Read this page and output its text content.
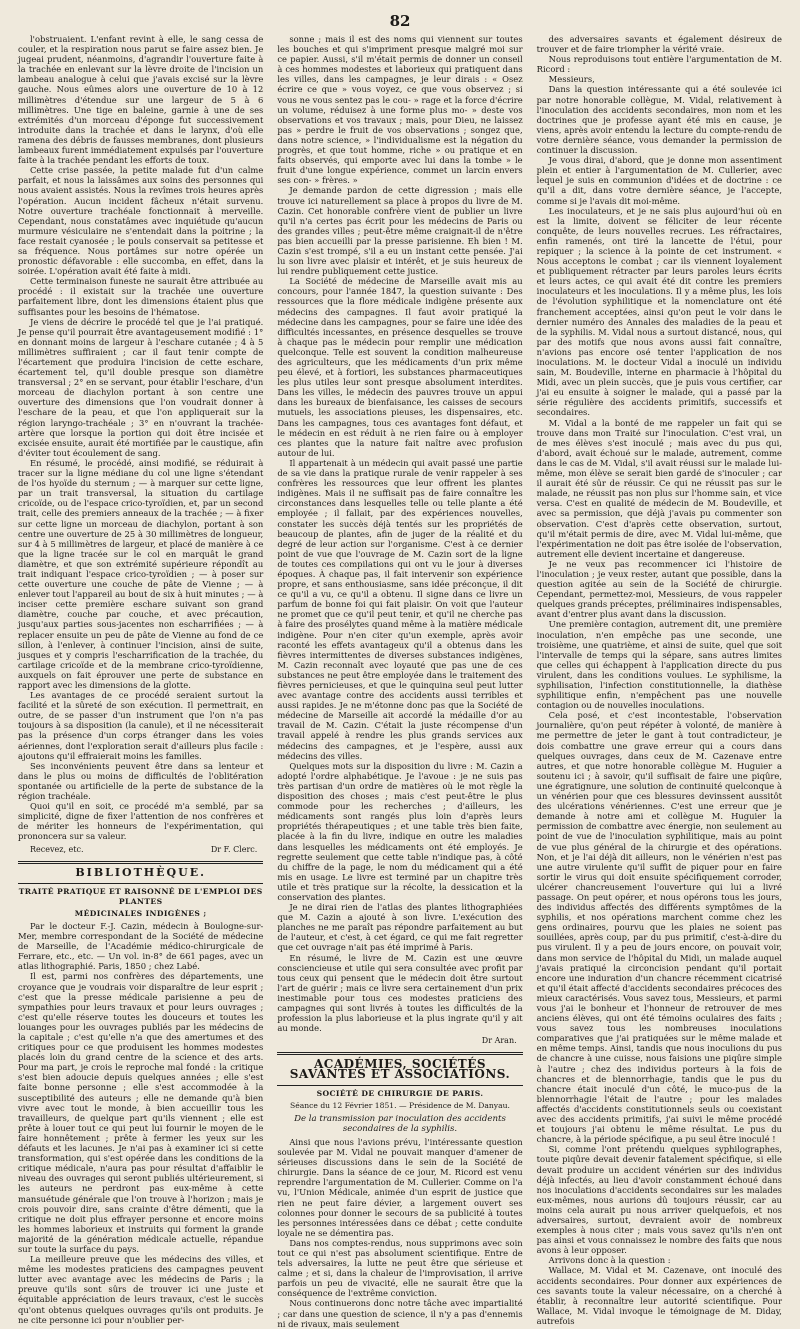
82

l'obstruaient. L'enfant revint à elle, le sang cessa de couler, et la respiration nous parut se faire assez bien. Je jugeai prudent, néanmoins, d'agrandir l'ouverture faite à la trachée en enlevant sur la lèvre droite de l'incision un lambeau analogue à celui que j'avais excisé sur la lèvre gauche. Nous eûmes alors une ouverture de 10 à 12 millimètres d'étendue sur une largeur de 5 à 6 millimètres. Une tige en baleine, garnie à une de ses extrémités d'un morceau d'éponge fut successivement introduite dans la trachée et dans le larynx, d'où elle ramena des débris de fausses membranes, dont plusieurs lambeaux furent immédiatement expulsés par l'ouverture faite à la trachée pendant les efforts de toux.

Cette crise passée, la petite malade fut d'un calme parfait, et nous la laissâmes aux soins des personnes qui nous avaient assistés. Nous la revîmes trois heures après l'opération. Aucun incident fâcheux n'était survenu. Notre ouverture trachéale fonctionnait à merveille. Cependant, nous constatâmes avec inquiétude qu'aucun murmure vésiculaire ne s'entendait dans la poitrine ; la face restait cyanosée ; le pouls conservait sa petitesse et sa fréquence. Nous portâmes sur notre opérée un pronostic défavorable : elle succomba, en effet, dans la soirée. L'opération avait été faite à midi.

Cette terminaison funeste ne saurait être attribuée au procédé : il existait sur la trachée une ouverture parfaitement libre, dont les dimensions étaient plus que suffisantes pour les besoins de l'hématose.

Je viens de décrire le procédé tel que je l'ai pratiqué. Je pense qu'il pourrait être avantageusement modifié : 1° en donnant moins de largeur à l'eschare cutanée ; 4 à 5 millimètres suffiraient ; car il faut tenir compte de l'écartement que produira l'incision de cette eschare, écartement tel, qu'il double presque son diamètre transversal ; 2° en se servant, pour établir l'eschare, d'un morceau de diachylon portant à son centre une ouverture des dimensions que l'on voudrait donner à l'eschare de la peau, et que l'on appliquerait sur la région laryngo-trachéale ; 3° en n'ouvrant la trachée-artère que lorsque la portion qui doit être incisée et excisée ensuite, aurait été mortifiée par le caustique, afin d'éviter tout écoulement de sang.

En résumé, le procédé, ainsi modifié, se réduirait à tracer sur la ligne médiane du col une ligne s'étendant de l'os hyoïde du sternum ; — à marquer sur cette ligne, par un trait transversal, la situation du cartilage cricoïde, ou de l'espace crico-tyroïdien, et, par un second trait, celle des premiers anneaux de la trachée ; — à fixer sur cette ligne un morceau de diachylon, portant à son centre une ouverture de 25 à 30 millimètres de longueur, sur 4 à 5 millimètres de largeur, et placé de manière à ce que la ligne tracée sur le col en marquât le grand diamètre, et que son extrémité supérieure répondît au trait indiquant l'espace crico-tyroïdien ; — à poser sur cette ouverture une couche de pâte de Vienne ; — à enlever tout l'appareil au bout de six à huit minutes ; — à inciser cette première eschare suivant son grand diamètre, couche par couche, et avec précaution, jusqu'aux parties sous-jacentes non escharrifiées ; — à replacer ensuite un peu de pâte de Vienne au fond de ce sillon, à l'enlever, à continuer l'incision, ainsi de suite, jusques et y compris l'escharrification de la trachée, du cartilage cricoïde et de la membrane crico-tyroïdienne, auxquels on fait éprouver une perte de substance en rapport avec les dimensions de la glotte.

Les avantages de ce procédé seraient surtout la facilité et la sûreté de son exécution. Il permettrait, en outre, de se passer d'un instrument que l'on n'a pas toujours à sa disposition (la canule), et il ne nécessiterait pas la présence d'un corps étranger dans les voies aériennes, dont l'exploration serait d'ailleurs plus facile : ajoutons qu'il effraierait moins les familles.

Ses inconvénients peuvent être dans sa lenteur et dans le plus ou moins de difficultés de l'oblitération spontanée ou artificielle de la perte de substance de la région trachéale.

Quoi qu'il en soit, ce procédé m'a semblé, par sa simplicité, digne de fixer l'attention de nos confrères et de mériter les honneurs de l'expérimentation, qui prononcera sur sa valeur.

Recevez, etc.	Dr F. Clerc.
BIBLIOTHÈQUE.
TRAITÉ PRATIQUE ET RAISONNÉ DE L'EMPLOI DES PLANTES
MÉDICINALES INDIGÈNES ;

Par le docteur F.-J. Cazin, médecin à Boulogne-sur-Mer, membre correspondant de la Société de médecine de Marseille, de l'Académie médico-chirurgicale de Ferrare, etc., etc. — Un vol. in-8° de 661 pages, avec un atlas lithographié. Paris, 1850 ; chez Labé.

Il est, parmi nos confrères des départements, une croyance que je voudrais voir disparaître de leur esprit ; c'est que la presse médicale parisienne a peu de sympathies pour leurs travaux et pour leurs ouvrages ; c'est qu'elle réserve toutes les douceurs et toutes les louanges pour les ouvrages publiés par les médecins de la capitale ; c'est qu'elle n'a que des amertumes et des critiques pour ce que produisent les hommes modestes placés loin du grand centre de la science et des arts. Pour ma part, je crois le reproche mal fondé : la critique s'est bien adoucie depuis quelques années ; elle s'est faite bonne personne ; elle s'est accommodée à la susceptibilité des auteurs ; elle ne demande qu'à bien vivre avec tout le monde, à bien accueillir tous les travailleurs, de quelque part qu'ils viennent ; elle est prête à louer tout ce qui peut lui fournir le moyen de le faire honnêtement ; prête à fermer les yeux sur les défauts et les lacunes. Je n'ai pas à examiner ici si cette transformation, qui s'est opérée dans les conditions de la critique médicale, n'aura pas pour résultat d'affaiblir le niveau des ouvrages qui seront publiés ultérieurement, si les auteurs ne perdront pas eux-même à cette mansuétude générale que l'on trouve à l'horizon ; mais je crois pouvoir dire, sans crainte d'être démenti, que la critique ne doit plus effrayer personne et encore moins les hommes laborieux et instruits qui forment la grande majorité de la génération médicale actuelle, répandue sur toute la surface du pays.

La meilleure preuve que les médecins des villes, et même les modestes praticiens des campagnes peuvent lutter avec avantage avec les médecins de Paris ; la preuve qu'ils sont sûrs de trouver ici une juste et équitable appréciation de leurs travaux, c'est le succès qu'ont obtenus quelques ouvrages qu'ils ont produits. Je ne cite personne ici pour n'oublier per-

sonne ; mais il est des noms qui viennent sur toutes les bouches et qui s'impriment presque malgré moi sur ce papier. Aussi, s'il m'était permis de donner un conseil à ces hommes modestes et laborieux qui pratiquent dans les villes, dans les campagnes, je leur dirais : « Osez écrire ce que » vous voyez, ce que vous observez ; si vous ne vous sentez pas le cou- » rage et la force d'écrire un volume, réduisez à une forme plus mo- » deste vos observations et vos travaux ; mais, pour Dieu, ne laissez pas » perdre le fruit de vos observations ; songez que, dans notre science, » l'individualisme est la négation du progrès, et que tout homme, riche » ou pratique et en faits observés, qui emporte avec lui dans la tombe » le fruit d'une longue expérience, commet un larcin envers ses con- » frères. »

Je demande pardon de cette digression ; mais elle trouve ici naturellement sa place à propos du livre de M. Cazin. Cet honorable confrère vient de publier un livre qu'il n'a certes pas écrit pour les médecins de Paris ou des grandes villes ; peut-être même craignait-il de n'être pas bien accueilli par la presse parisienne. Eh bien ! M. Cazin s'est trompé, s'il a eu un instant cette pensée. J'ai lu son livre avec plaisir et intérêt, et je suis heureux de lui rendre publiquement cette justice.

La Société de médecine de Marseille avait mis au concours, pour l'année 1847, la question suivante : Des ressources que la flore médicale indigène présente aux médecins des campagnes. Il faut avoir pratiqué la médecine dans les campagnes, pour se faire une idée des difficultés incessantes, en présence desquelles se trouve à chaque pas le médecin pour remplir une médication quelconque. Telle est souvent la condition malheureuse des agriculteurs, que les médicaments d'un prix même peu élevé, et à fortiori, les substances pharmaceutiques les plus utiles leur sont presque absolument interdites. Dans les villes, le médecin des pauvres trouve un appui dans les bureaux de bienfaisance, les caisses de secours mutuels, les associations pieuses, les dispensaires, etc. Dans les campagnes, tous ces avantages font défaut, et le médecin en est réduit à ne rien faire ou à employer ces plantes que la nature fait naître avec profusion autour de lui.

Il appartenait à un médecin qui avait passé une partie de sa vie dans la pratique rurale de venir rappeler à ses confrères les ressources que leur offrent les plantes indigènes. Mais il ne suffisait pas de faire connaître les circonstances dans lesquelles telle ou telle plante a été employée ; il fallait, par des expériences nouvelles, constater les succès déjà tentés sur les propriétés de beaucoup de plantes, afin de juger de la réalité et du degré de leur action sur l'organisme. C'est à ce dernier point de vue que l'ouvrage de M. Cazin sort de la ligne de toutes ces compilations qui ont vu le jour à diverses époques. À chaque pas, il fait intervenir son expérience propre, et sans enthousiasme, sans idée préconçue, il dit ce qu'il a vu, ce qu'il a obtenu. Il signe dans ce livre un parfum de bonne foi qui fait plaisir. On voit que l'auteur ne promet que ce qu'il peut tenir, et qu'il ne cherche pas à faire des prosélytes quand même à la matière médicale indigène. Pour n'en citer qu'un exemple, après avoir raconté les effets avantageux qu'il a obtenus dans les fièvres intermittentes de diverses substances indigènes, M. Cazin reconnaît avec loyauté que pas une de ces substances ne peut être employée dans le traitement des fièvres pernicieuses, et que le quinquina seul peut lutter avec avantage contre des accidents aussi terribles et aussi rapides. Je ne m'étonne donc pas que la Société de médecine de Marseille ait accordé la médaille d'or au travail de M. Cazin. C'était la juste récompense d'un travail appelé à rendre les plus grands services aux médecins des campagnes, et je l'espère, aussi aux médecins des villes.

Quelques mots sur la disposition du livre : M. Cazin a adopté l'ordre alphabétique. Je l'avoue : je ne suis pas très partisan d'un ordre de matières où le mot règle la disposition des choses ; mais c'est peut-être le plus commode pour les recherches ; d'ailleurs, les médicaments sont rangés plus loin d'après leurs propriétés thérapeutiques ; et une table très bien faite, placée à la fin du livre, indique en outre les maladies dans lesquelles les médicaments ont été employés. Je regrette seulement que cette table n'indique pas, à côté du chiffre de la page, le nom du médicament qui a été mis en usage. Le livre est terminé par un chapitre très utile et très pratique sur la récolte, la dessication et la conservation des plantes.

Je ne dirai rien de l'atlas des plantes lithographiées que M. Cazin a ajouté à son livre. L'exécution des planches ne me paraît pas répondre parfaitement au but de l'auteur, et c'est, à cet égard, ce qui me fait regretter que cet ouvrage n'ait pas été imprimé à Paris.

En résumé, le livre de M. Cazin est une œuvre consciencieuse et utile qui sera consultée avec profit par tous ceux qui pensent que le médecin doit être surtout l'art de guérir ; mais ce livre sera certainement d'un prix inestimable pour tous ces modestes praticiens des campagnes qui sont livrés à toutes les difficultés de la profession la plus laborieuse et la plus ingrate qu'il y ait au monde.

Dr Aran.
ACADÉMIES, SOCIÉTÉS SAVANTES ET ASSOCIATIONS.
SOCIÉTÉ DE CHIRURGIE DE PARIS.
Séance du 12 Février 1851. — Présidence de M. Danyau.
De la transmission par inoculation des accidents secondaires de la syphilis.

Ainsi que nous l'avions prévu, l'intéressante question soulevée par M. Vidal ne pouvait manquer d'amener de sérieuses discussions dans le sein de la Société de chirurgie. Dans la séance de ce jour, M. Ricord est venu reprendre l'argumentation de M. Cullerier. Comme on l'a vu, l'Union Médicale, animée d'un esprit de justice que rien ne peut faire dévier, a largement ouvert ses colonnes pour donner le secours de sa publicité à toutes les personnes intéressées dans ce débat ; cette conduite loyale ne se démentira pas.

Dans nos comptes-rendus, nous supprimons avec soin tout ce qui n'est pas absolument scientifique. Entre de tels adversaires, la lutte ne peut être que sérieuse et calme ; et si, dans la chaleur de l'improvisation, il arrive parfois un peu de vivacité, elle ne saurait être que la conséquence de l'extrême conviction.

Nous continuerons donc notre tâche avec impartialité ; car dans une question de science, il n'y a pas d'ennemis ni de rivaux, mais seulement

des adversaires savants et également désireux de trouver et de faire triompher la vérité vraie.

Nous reproduisons tout entière l'argumentation de M. Ricord :

Messieurs,

Dans la question intéressante qui a été soulevée ici par notre honorable collègue, M. Vidal, relativement à l'inoculation des accidents secondaires, mon nom et les doctrines que je professe ayant été mis en cause, je viens, après avoir entendu la lecture du compte-rendu de votre dernière séance, vous demander la permission de continuer la discussion.

Je vous dirai, d'abord, que je donne mon assentiment plein et entier à l'argumentation de M. Cullerier, avec lequel je suis en communion d'idées et de doctrine : ce qu'il a dit, dans votre dernière séance, je l'accepte, comme si je l'avais dit moi-même.

Les inoculateurs, et je ne sais plus aujourd'hui où en est la limite, doivent se féliciter de leur récente conquête, de leurs nouvelles recrues. Les réfractaires, enfin ramenés, ont tiré la lancette de l'étui, pour repiquer ; la science à la pointe de cet instrument. « Nous acceptons le combat ; car ils viennent loyalement et publiquement rétracter par leurs paroles leurs écrits et leurs actes, ce qui avait été dit contre les premiers inoculateurs et les inoculations. Il y a même plus, les lois de l'évolution syphilitique et la nomenclature ont été franchement acceptées, ainsi qu'on peut le voir dans le dernier numéro des Annales des maladies de la peau et de la syphilis. M. Vidal nous a surtout distancé, nous, qui par des motifs que nous avons aussi fait connaître, n'avions pas encore osé tenter l'application de nos inoculations. M. le docteur Vidal a inoculé un individu sain, M. Boudeville, interne en pharmacie à l'hôpital du Midi, avec un plein succès, que je puis vous certifier, car j'ai eu ensuite à soigner le malade, qui a passé par la série régulière des accidents primitifs, successifs et secondaires.

M. Vidal a la bonté de me rappeler un fait qui se trouve dans mon Traité sur l'inoculation. C'est vrai, un de mes élèves s'est inoculé ; mais avec du pus qui, d'abord, avait échoué sur le malade, autrement, comme dans le cas de M. Vidal, s'il avait réussi sur le malade lui-même, mon élève se serait bien gardé de s'inoculer ; car il aurait été sûr de réussir. Ce qui ne réussit pas sur le malade, ne réussit pas non plus sur l'homme sain, et vice versa. C'est en qualité de médecin de M. Boudeville, et avec sa permission, que déjà j'avais pu commenter son observation. C'est d'après cette observation, surtout, qu'il m'était permis de dire, avec M. Vidal lui-même, que l'expérimentation ne doit pas être isolée de l'observation, autrement elle devient incertaine et dangereuse.

Je ne veux pas recommencer ici l'histoire de l'inoculation ; je veux rester, autant que possible, dans la question agitée au sein de la Société de chirurgie. Cependant, permettez-moi, Messieurs, de vous rappeler quelques grands préceptes, préliminaires indispensables, avant d'entrer plus avant dans la discussion.

Une première contagion, autrement dit, une première inoculation, n'en empêche pas une seconde, une troisième, une quatrième, et ainsi de suite, quel que soit l'intervalle de temps qui la sépare, sans autres limites que celles qui échappent à l'application directe du pus virulent, dans les conditions voulues. Le syphilisme, la syphilisation, l'infection constitutionnelle, la diathèse syphilitique enfin, n'empêchent pas une nouvelle contagion ou de nouvelles inoculations.

Cela posé, et c'est incontestable, l'observation journalière, qu'on peut répéter à volonté, de manière à me permettre de jeter le gant à tout contradicteur, je dois combattre une grave erreur qui a cours dans quelques ouvrages, dans ceux de M. Cazenave entre autres, et que notre honorable collègue M. Huguier a soutenu ici ; à savoir, qu'il suffisait de faire une piqûre, une égratignure, une solution de continuité quelconque à un vénérien pour que ces blessures devinssent aussitôt des ulcérations vénériennes. C'est une erreur que je demande à notre ami et collègue M. Huguier la permission de combattre avec énergie, non seulement au point de vue de l'inoculation syphilitique, mais au point de vue plus général de la chirurgie et des opérations. Non, et je l'ai déjà dit ailleurs, non le vénérien n'est pas une autre virulente qu'il suffit de piquer pour en faire sortir le virus qui doit ensuite spécifiquement corroder, ulcérer chancreusement l'ouverture qui lui a livré passage. On peut opérer, et nous opérons tous les jours, des individus affectés des différents symptômes de la syphilis, et nos opérations marchent comme chez les gens ordinaires, pourvu que les plaies ne soient pas souillées, après coup, par du pus primitif, c'est-à-dire du pus virulent. Il y a peu de jours encore, on pouvait voir, dans mon service de l'hôpital du Midi, un malade auquel j'avais pratiqué la circoncision pendant qu'il portait encore une induration d'un chancre récemment cicatrisé et qu'il était affecté d'accidents secondaires précoces des mieux caractérisés. Vous savez tous, Messieurs, et parmi vous j'ai le bonheur et l'honneur de retrouver de mes anciens élèves, qui ont été témoins oculaires des faits ; vous savez tous les nombreuses inoculations comparatives que j'ai pratiquées sur le même malade et en même temps. Ainsi, tandis que nous inoculions du pus de chancre à une cuisse, nous faisions une piqûre simple à l'autre ; chez des individus porteurs à la fois de chancres et de blennorrhagie, tandis que le pus du chancre était inoculé d'un côté, le muco-pus de la blennorrhagie l'était de l'autre ; pour les malades affectés d'accidents constitutionnels seuls ou coexistant avec des accidents primitifs, j'ai suivi le même procédé et toujours j'ai obtenu le même résultat. Le pus du chancre, à la période spécifique, a pu seul être inoculé !

Si, comme l'ont prétendu quelques syphilographes, toute piqûre devait devenir fatalement spécifique, si elle devait produire un accident vénérien sur des individus déjà infectés, au lieu d'avoir constamment échoué dans nos inoculations d'accidents secondaires sur les malades eux-mêmes, nous aurions dû toujours réussir, car au moins cela aurait pu nous arriver quelquefois, et nos adversaires, surtout, devraient avoir de nombreux exemples à nous citer ; mais vous savez qu'ils n'en ont pas ainsi et vous connaissez le nombre des faits que nous avons à leur opposer.

Arrivons donc à la question :

Wallace, M. Vidal et M. Cazenave, ont inoculé des accidents secondaires. Pour donner aux expériences de ces savants toute la valeur nécessaire, on a cherché à établir, à reconnaître leur autorité scientifique. Pour Wallace, M. Vidal invoque le témoignage de M. Diday, autrefois
